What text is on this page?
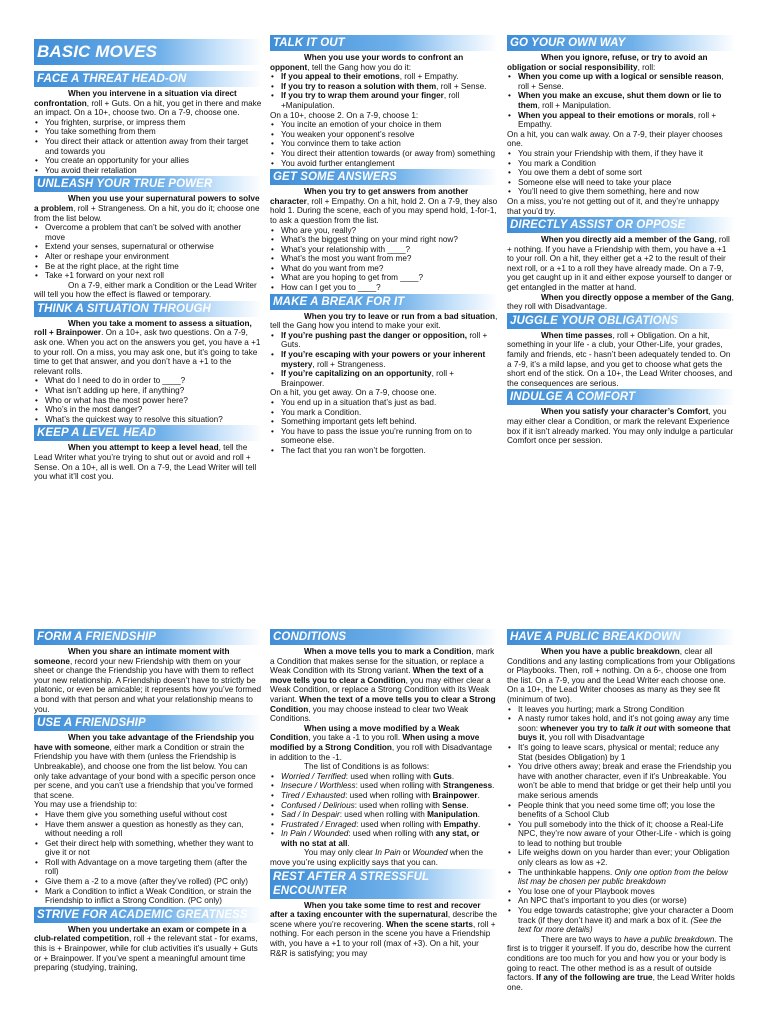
BASIC MOVES
FACE A THREAT HEAD-ON

When you intervene in a situation via direct confrontation, roll + Guts. On a hit, you get in there and make an impact. On a 10+, choose two. On a 7-9, choose one.

• You frighten, surprise, or impress them
• You take something from them
• You direct their attack or attention away from their target and towards you
• You create an opportunity for your allies
• You avoid their retaliation
UNLEASH YOUR TRUE POWER

When you use your supernatural powers to solve a problem, roll + Strangeness. On a hit, you do it; choose one from the list below.

• Overcome a problem that can’t be solved with another move
• Extend your senses, supernatural or otherwise
• Alter or reshape your environment
• Be at the right place, at the right time
• Take +1 forward on your next roll

On a 7-9, either mark a Condition or the Lead Writer will tell you how the effect is flawed or temporary.

THINK A SITUATION THROUGH

When you take a moment to assess a situation, roll + Brainpower. On a 10+, ask two questions. On a 7-9, ask one. When you act on the answers you get, you have a +1 to your roll. On a miss, you may ask one, but it’s going to take time to get that answer, and you don’t have a +1 to the relevant rolls.

• What do I need to do in order to ____?
• What isn’t adding up here, if anything?
• Who or what has the most power here?
• Who’s in the most danger?
• What’s the quickest way to resolve this situation?
KEEP A LEVEL HEAD

When you attempt to keep a level head, tell the Lead Writer what you’re trying to shut out or avoid and roll + Sense. On a 10+, all is well. On a 7-9, the Lead Writer will tell you what it’ll cost you.

TALK IT OUT

When you use your words to confront an opponent, tell the Gang how you do it:

• If you appeal to their emotions, roll + Empathy.
• If you try to reason a solution with them, roll + Sense.
• If you try to wrap them around your finger, roll +Manipulation.

On a 10+, choose 2. On a 7-9, choose 1:

• You incite an emotion of your choice in them
• You weaken your opponent’s resolve
• You convince them to take action
• You direct their attention towards (or away from) something
• You avoid further entanglement
GET SOME ANSWERS

When you try to get answers from another character, roll + Empathy. On a hit, hold 2. On a 7-9, they also hold 1. During the scene, each of you may spend hold, 1-for-1, to ask a question from the list.

• Who are you, really?
• What’s the biggest thing on your mind right now?
• What’s your relationship with ____?
• What’s the most you want from me?
• What do you want from me?
• What are you hoping to get from ____?
• How can I get you to ____?
MAKE A BREAK FOR IT

When you try to leave or run from a bad situation, tell the Gang how you intend to make your exit.

• If you’re pushing past the danger or opposition, roll + Guts.
• If you’re escaping with your powers or your inherent mystery, roll + Strangeness.
• If you’re capitalizing on an opportunity, roll + Brainpower.

On a hit, you get away. On a 7-9, choose one.

• You end up in a situation that’s just as bad.
• You mark a Condition.
• Something important gets left behind.
• You have to pass the issue you’re running from on to someone else.
• The fact that you ran won’t be forgotten.
GO YOUR OWN WAY

When you ignore, refuse, or try to avoid an obligation or social responsibility, roll:

• When you come up with a logical or sensible reason, roll + Sense.
• When you make an excuse, shut them down or lie to them, roll + Manipulation.
• When you appeal to their emotions or morals, roll + Empathy.

On a hit, you can walk away. On a 7-9, their player chooses one.

• You strain your Friendship with them, if they have it
• You mark a Condition
• You owe them a debt of some sort
• Someone else will need to take your place
• You’ll need to give them something, here and now

On a miss, you’re not getting out of it, and they’re unhappy that you’d try.

DIRECTLY ASSIST OR OPPOSE

When you directly aid a member of the Gang, roll + nothing. If you have a Friendship with them, you have a +1 to your roll. On a hit, they either get a +2 to the result of their next roll, or a +1 to a roll they have already made. On a 7-9, you get caught up in it and either expose yourself to danger or get entangled in the matter at hand.

When you directly oppose a member of the Gang, they roll with Disadvantage.

JUGGLE YOUR OBLIGATIONS

When time passes, roll + Obligation. On a hit, something in your life - a club, your Other-Life, your grades, family and friends, etc - hasn’t been adequately tended to. On a 7-9, it’s a mild lapse, and you get to choose what gets the short end of the stick. On a 10+, the Lead Writer chooses, and the consequences are serious.

INDULGE A COMFORT

When you satisfy your character’s Comfort, you may either clear a Condition, or mark the relevant Experience box if it isn’t already marked. You may only indulge a particular Comfort once per session.

FORM A FRIENDSHIP

When you share an intimate moment with someone, record your new Friendship with them on your sheet or change the Friendship you have with them to reflect your new relationship. A Friendship doesn’t have to strictly be platonic, or even be amicable; it represents how you’ve formed a bond with that person and what your relationship means to you.

USE A FRIENDSHIP

When you take advantage of the Friendship you have with someone, either mark a Condition or strain the Friendship you have with them (unless the Friendship is Unbreakable), and choose one from the list below. You can only take advantage of your bond with a specific person once per scene, and you can’t use a friendship that you’ve formed that scene.

You may use a friendship to:

• Have them give you something useful without cost
• Have them answer a question as honestly as they can, without needing a roll
• Get their direct help with something, whether they want to give it or not
• Roll with Advantage on a move targeting them (after the roll)
• Give them a -2 to a move (after they’ve rolled) (PC only)
• Mark a Condition to inflict a Weak Condition, or strain the Friendship to inflict a Strong Condition. (PC only)
STRIVE FOR ACADEMIC GREATNESS

When you undertake an exam or compete in a club-related competition, roll + the relevant stat - for exams, this is + Brainpower, while for club activities it’s usually + Guts or + Brainpower. If you’ve spent a meaningful amount time preparing (studying, training,

CONDITIONS

When a move tells you to mark a Condition, mark a Condition that makes sense for the situation, or replace a Weak Condition with its Strong variant. When the text of a move tells you to clear a Condition, you may either clear a Weak Condition, or replace a Strong Condition with its Weak variant. When the text of a move tells you to clear a Strong Condition, you may choose instead to clear two Weak Conditions.

When using a move modified by a Weak Condition, you take a -1 to you roll. When using a move modified by a Strong Condition, you roll with Disadvantage in addition to the -1.

The list of Conditions is as follows:

• Worried / Terrified: used when rolling with Guts.
• Insecure / Worthless: used when rolling with Strangeness.
• Tired / Exhausted: used when rolling with Brainpower.
• Confused / Delirious: used when rolling with Sense.
• Sad / In Despair: used when rolling with Manipulation.
• Frustrated / Enraged: used when rolling with Empathy.
• In Pain / Wounded: used when rolling with any stat, or with no stat at all.

You may only clear In Pain or Wounded when the move you’re using explicitly says that you can.

REST AFTER A STRESSFUL ENCOUNTER

When you take some time to rest and recover after a taxing encounter with the supernatural, describe the scene where you’re recovering. When the scene starts, roll + nothing. For each person in the scene you have a Friendship with, you have a +1 to your roll (max of +3). On a hit, your R&R is satisfying; you may

HAVE A PUBLIC BREAKDOWN

When you have a public breakdown, clear all Conditions and any lasting complications from your Obligations or Playbooks. Then, roll + nothing. On a 6-, choose one from the list. On a 7-9, you and the Lead Writer each choose one. On a 10+, the Lead Writer chooses as many as they see fit (minimum of two).

• It leaves you hurting; mark a Strong Condition
• A nasty rumor takes hold, and it’s not going away any time soon: whenever you try to talk it out with someone that buys it, you roll with Disadvantage
• It’s going to leave scars, physical or mental; reduce any Stat (besides Obligation) by 1
• You drive others away; break and erase the Friendship you have with another character, even if it’s Unbreakable. You won’t be able to mend that bridge or get their help until you make serious amends
• People think that you need some time off; you lose the benefits of a School Club
• You pull somebody into the thick of it; choose a Real-Life NPC, they’re now aware of your Other-Life - which is going to lead to nothing but trouble
• Life weighs down on you harder than ever; your Obligation only clears as low as +2.
• The unthinkable happens. Only one option from the below list may be chosen per public breakdown
• You lose one of your Playbook moves
• An NPC that’s important to you dies (or worse)
• You edge towards catastrophe; give your character a Doom track (if they don’t have it) and mark a box of it. (See the text for more details)

There are two ways to have a public breakdown. The first is to trigger it yourself. If you do, describe how the current conditions are too much for you and how you or your body is going to react. The other method is as a result of outside factors. If any of the following are true, the Lead Writer holds one.
